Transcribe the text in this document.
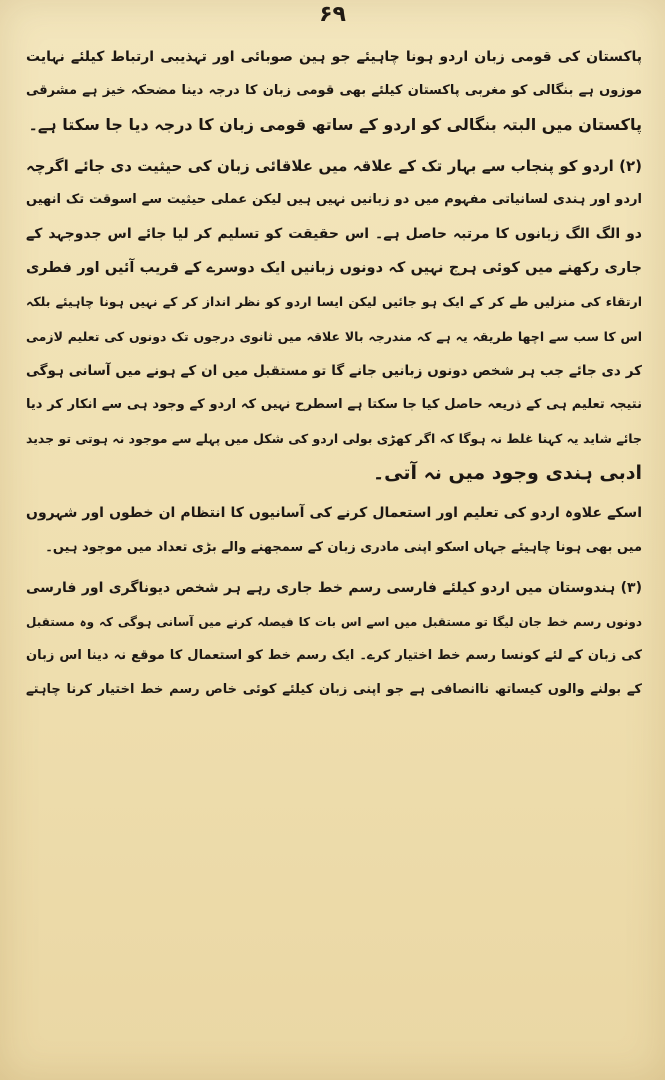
۶۹
پاکستان کی قومی زبان اردو ہونا چاہیئے جو ہین صوبائی اور تہذیبی ارتباط کیلئے نہایت
موزوں ہے بنگالی کو مغربی پاکستان کیلئے بھی قومی زبان کا درجہ دینا مضحکہ خیز ہے مشرقی
پاکستان میں البتہ بنگالی کو اردو کے ساتھ قومی زبان کا درجہ دیا جا سکتا ہے۔
(۲) اردو کو پنجاب سے بہار تک کے علاقہ میں علاقائی زبان کی حیثیت دی جائے اگرچہ
اردو اور ہندی لسانیاتی مفہوم میں دو زبانیں نہیں ہیں لیکن عملی حیثیت سے اسوقت تک انھیں
دو الگ الگ زبانوں کا مرتبہ حاصل ہے۔ اس حقیقت کو تسلیم کر لیا جائے اس جدوجہد کے
جاری رکھنے میں کوئی ہرج نہیں کہ دونوں زبانیں ایک دوسرے کے قریب آئیں اور فطری
ارتقاء کی منزلیں طے کر کے ایک ہو جائیں لیکن ایسا اردو کو نظر انداز کر کے نہیں ہونا چاہیئے بلکہ
اس کا سب سے اچھا طریقہ یہ ہے کہ مندرجہ بالا علاقہ میں ثانوی درجوں تک دونوں کی تعلیم لازمی
کر دی جائے جب ہر شخص دونوں زبانیں جانے گا تو مستقبل میں ان کے ہونے میں آسانی ہوگی
نتیجہ تعلیم ہی کے ذریعہ حاصل کیا جا سکتا ہے اسطرح نہیں کہ اردو کے وجود ہی سے انکار کر دیا
جائے شاید یہ کہنا غلط نہ ہوگا کہ اگر کھڑی بولی اردو کی شکل میں پہلے سے موجود نہ ہوتی تو جدید
ادبی ہندی وجود میں نہ آتی۔
اسکے علاوہ اردو کی تعلیم اور استعمال کرنے کی آسانیوں کا انتظام ان خطوں اور شہروں
میں بھی ہونا چاہیئے جہاں اسکو اپنی مادری زبان کے سمجھنے والے بڑی تعداد میں موجود ہیں۔
(۳) ہندوستان میں اردو کیلئے فارسی رسم خط جاری رہے ہر شخص دیوناگری اور فارسی
دونوں رسم خط جان لیگا تو مستقبل میں اسے اس بات کا فیصلہ کرنے میں آسانی ہوگی کہ وہ مستقبل
کی زبان کے لئے کونسا رسم خط اختیار کرے۔ ایک رسم خط کو استعمال کا موقع نہ دینا اس زبان
کے بولنے والوں کیساتھ ناانصافی ہے جو اپنی زبان کیلئے کوئی خاص رسم خط اختیار کرنا چاہتے
